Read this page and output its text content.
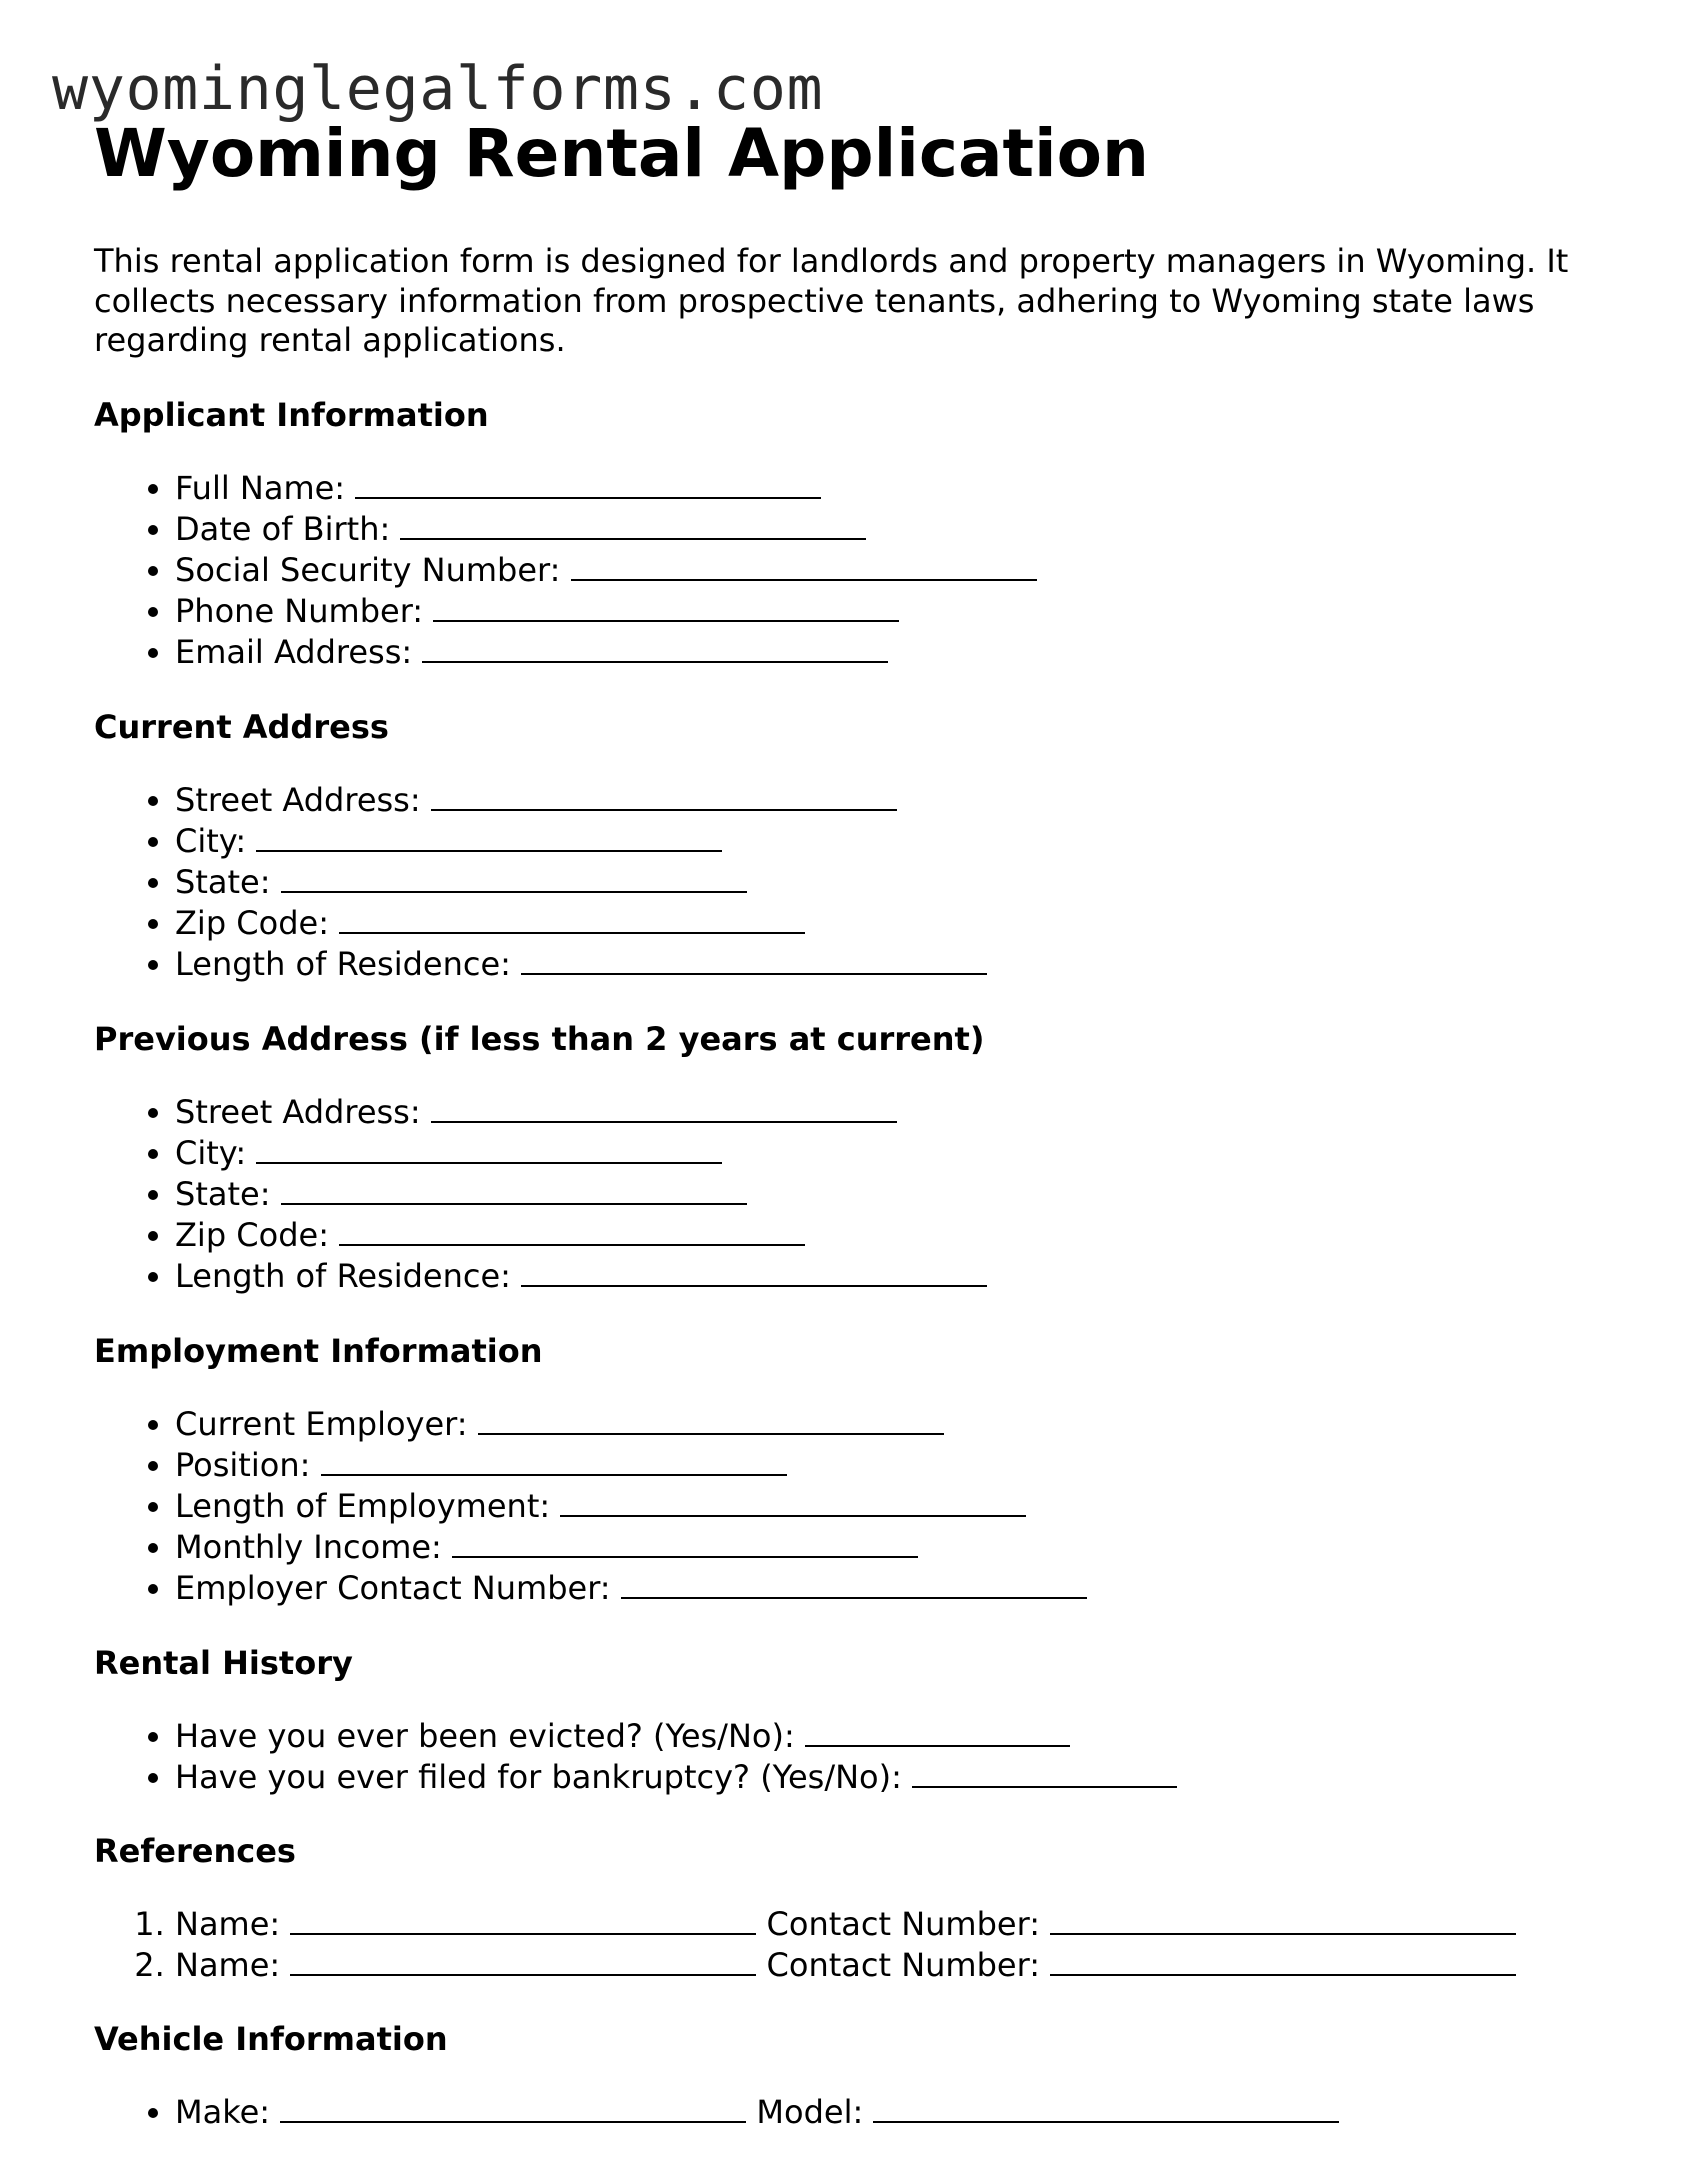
wyominglegalforms.com
Wyoming Rental Application

This rental application form is designed for landlords and property managers in Wyoming. It collects necessary information from prospective tenants, adhering to Wyoming state laws regarding rental applications.

Applicant Information
• Full Name:
• Date of Birth:
• Social Security Number:
• Phone Number:
• Email Address:
Current Address
• Street Address:
• City:
• State:
• Zip Code:
• Length of Residence:
Previous Address (if less than 2 years at current)
• Street Address:
• City:
• State:
• Zip Code:
• Length of Residence:
Employment Information
• Current Employer:
• Position:
• Length of Employment:
• Monthly Income:
• Employer Contact Number:
Rental History
• Have you ever been evicted? (Yes/No):
• Have you ever filed for bankruptcy? (Yes/No):
References
1. Name:	Contact Number:
2. Name:	Contact Number:
Vehicle Information
• Make:	Model:
